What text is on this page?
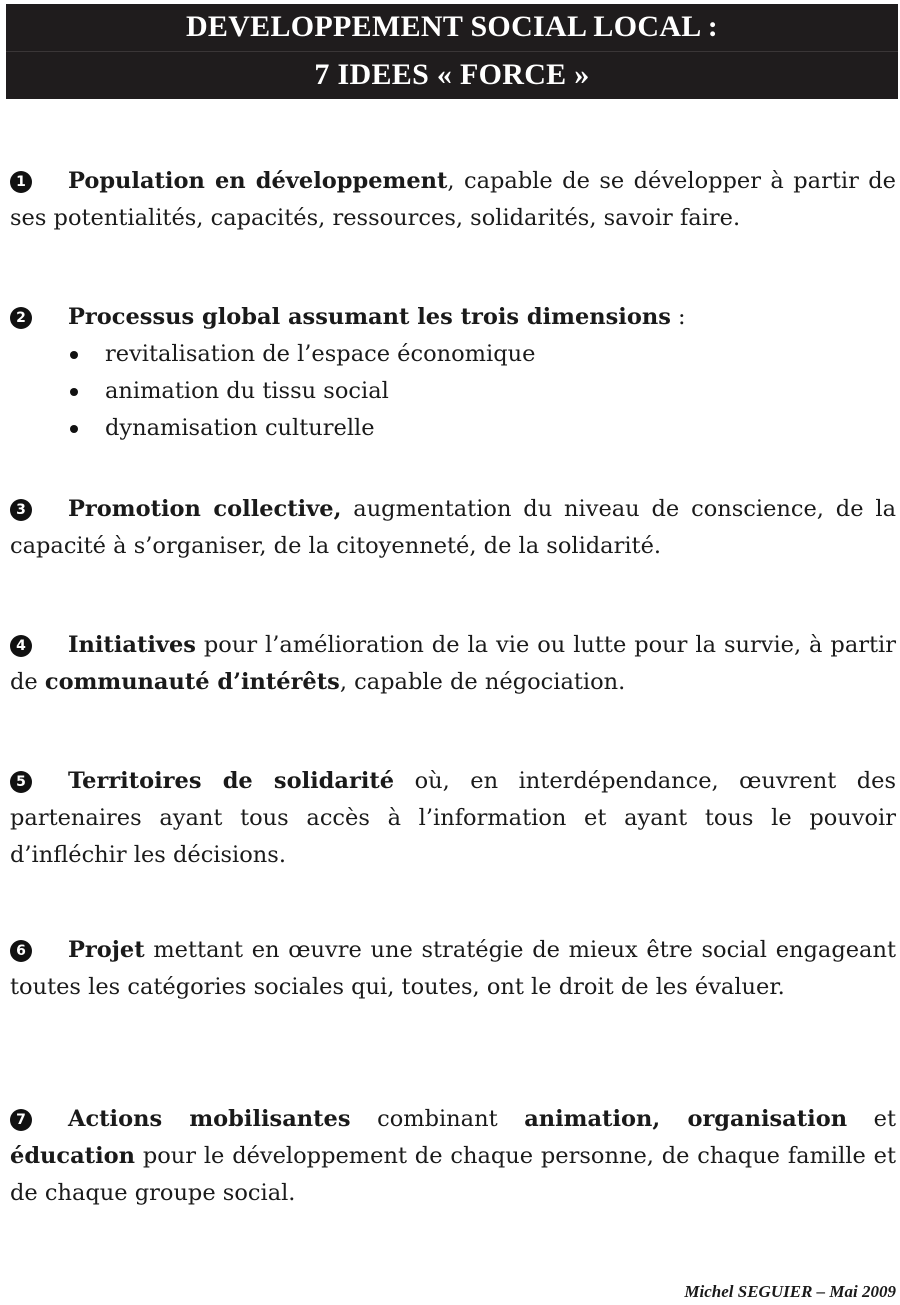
DEVELOPPEMENT SOCIAL LOCAL :
7 IDEES « FORCE »
1 Population en développement, capable de se développer à partir de ses potentialités, capacités, ressources, solidarités, savoir faire.
2 Processus global assumant les trois dimensions :
revitalisation de l’espace économique
animation du tissu social
dynamisation culturelle
3 Promotion collective, augmentation du niveau de conscience, de la capacité à s’organiser, de la citoyenneté, de la solidarité.
4 Initiatives pour l’amélioration de la vie ou lutte pour la survie, à partir de communauté d’intérêts, capable de négociation.
5 Territoires de solidarité où, en interdépendance, œuvrent des partenaires ayant tous accès à l’information et ayant tous le pouvoir d’infléchir les décisions.
6 Projet mettant en œuvre une stratégie de mieux être social engageant toutes les catégories sociales qui, toutes, ont le droit de les évaluer.
7 Actions mobilisantes combinant animation, organisation et éducation pour le développement de chaque personne, de chaque famille et de chaque groupe social.
Michel SEGUIER – Mai 2009
